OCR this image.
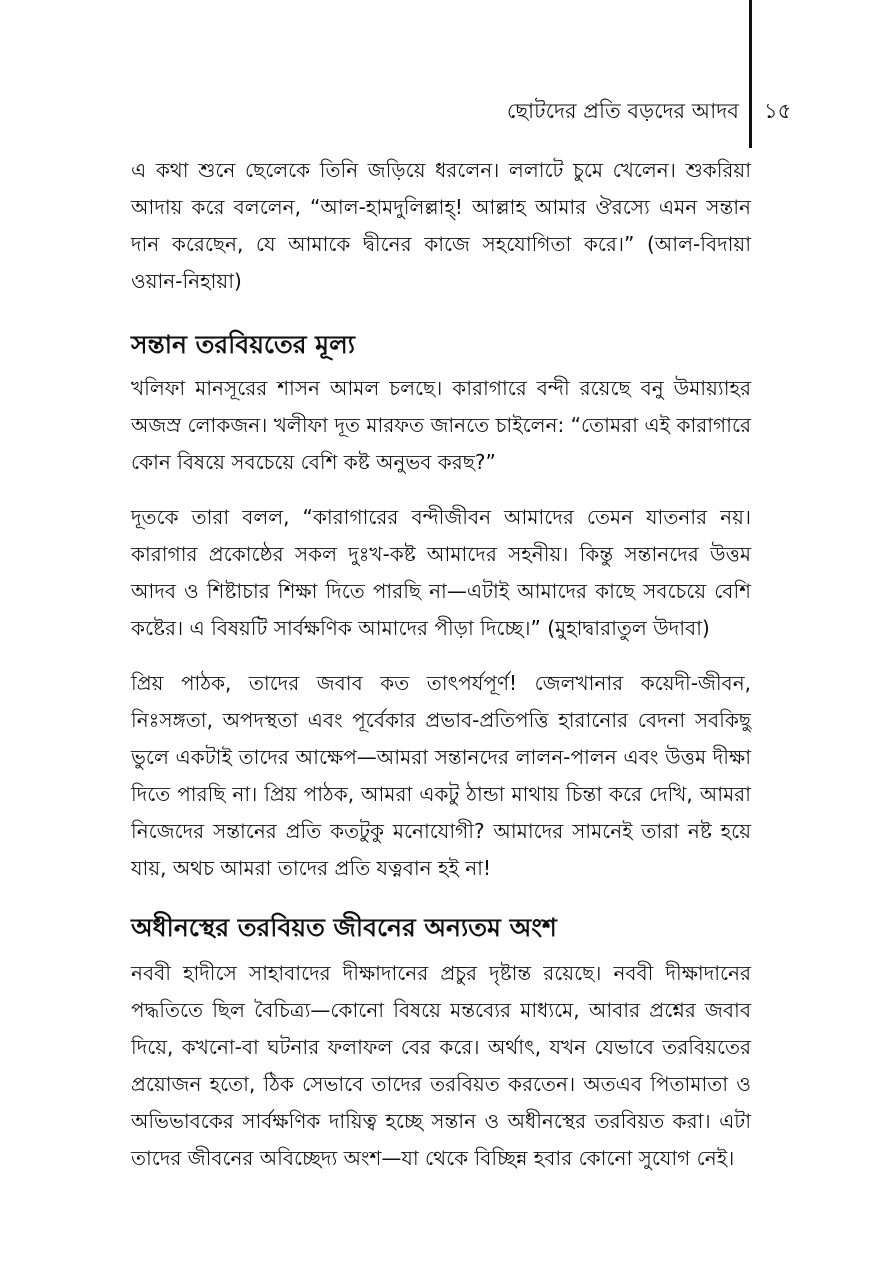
ছোটদের প্রতি বড়দের আদব ১৫

এ কথা শুনে ছেলেকে তিনি জড়িয়ে ধরলেন। ললাটে চুমে খেলেন। শুকরিয়া আদায় করে বললেন, “আল-হামদুলিল্লাহ্! আল্লাহ আমার ঔরস্যে এমন সন্তান দান করেছেন, যে আমাকে দ্বীনের কাজে সহযোগিতা করে।” (আল-বিদায়া ওয়ান-নিহায়া)

সন্তান তরবিয়তের মূল্য

খলিফা মানসূরের শাসন আমল চলছে। কারাগারে বন্দী রয়েছে বনু উমায়্যাহর অজস্র লোকজন। খলীফা দূত মারফত জানতে চাইলেন: “তোমরা এই কারাগারে কোন বিষয়ে সবচেয়ে বেশি কষ্ট অনুভব করছ?”

দূতকে তারা বলল, “কারাগারের বন্দীজীবন আমাদের তেমন যাতনার নয়। কারাগার প্রকোষ্ঠের সকল দুঃখ-কষ্ট আমাদের সহনীয়। কিন্তু সন্তানদের উত্তম আদব ও শিষ্টাচার শিক্ষা দিতে পারছি না—এটাই আমাদের কাছে সবচেয়ে বেশি কষ্টের। এ বিষয়টি সার্বক্ষণিক আমাদের পীড়া দিচ্ছে।” (মুহাদ্বারাতুল উদাবা)

প্রিয় পাঠক, তাদের জবাব কত তাৎপর্যপূর্ণ! জেলখানার কয়েদী-জীবন, নিঃসঙ্গতা, অপদস্থতা এবং পূর্বেকার প্রভাব-প্রতিপত্তি হারানোর বেদনা সবকিছু ভুলে একটাই তাদের আক্ষেপ—আমরা সন্তানদের লালন-পালন এবং উত্তম দীক্ষা দিতে পারছি না। প্রিয় পাঠক, আমরা একটু ঠান্ডা মাথায় চিন্তা করে দেখি, আমরা নিজেদের সন্তানের প্রতি কতটুকু মনোযোগী? আমাদের সামনেই তারা নষ্ট হয়ে যায়, অথচ আমরা তাদের প্রতি যত্নবান হই না!

অধীনস্থের তরবিয়ত জীবনের অন্যতম অংশ

নববী হাদীসে সাহাবাদের দীক্ষাদানের প্রচুর দৃষ্টান্ত রয়েছে। নববী দীক্ষাদানের পদ্ধতিতে ছিল বৈচিত্র্য—কোনো বিষয়ে মন্তব্যের মাধ্যমে, আবার প্রশ্নের জবাব দিয়ে, কখনো-বা ঘটনার ফলাফল বের করে। অর্থাৎ, যখন যেভাবে তরবিয়তের প্রয়োজন হতো, ঠিক সেভাবে তাদের তরবিয়ত করতেন। অতএব পিতামাতা ও অভিভাবকের সার্বক্ষণিক দায়িত্ব হচ্ছে সন্তান ও অধীনস্থের তরবিয়ত করা। এটা তাদের জীবনের অবিচ্ছেদ্য অংশ—যা থেকে বিচ্ছিন্ন হবার কোনো সুযোগ নেই।
